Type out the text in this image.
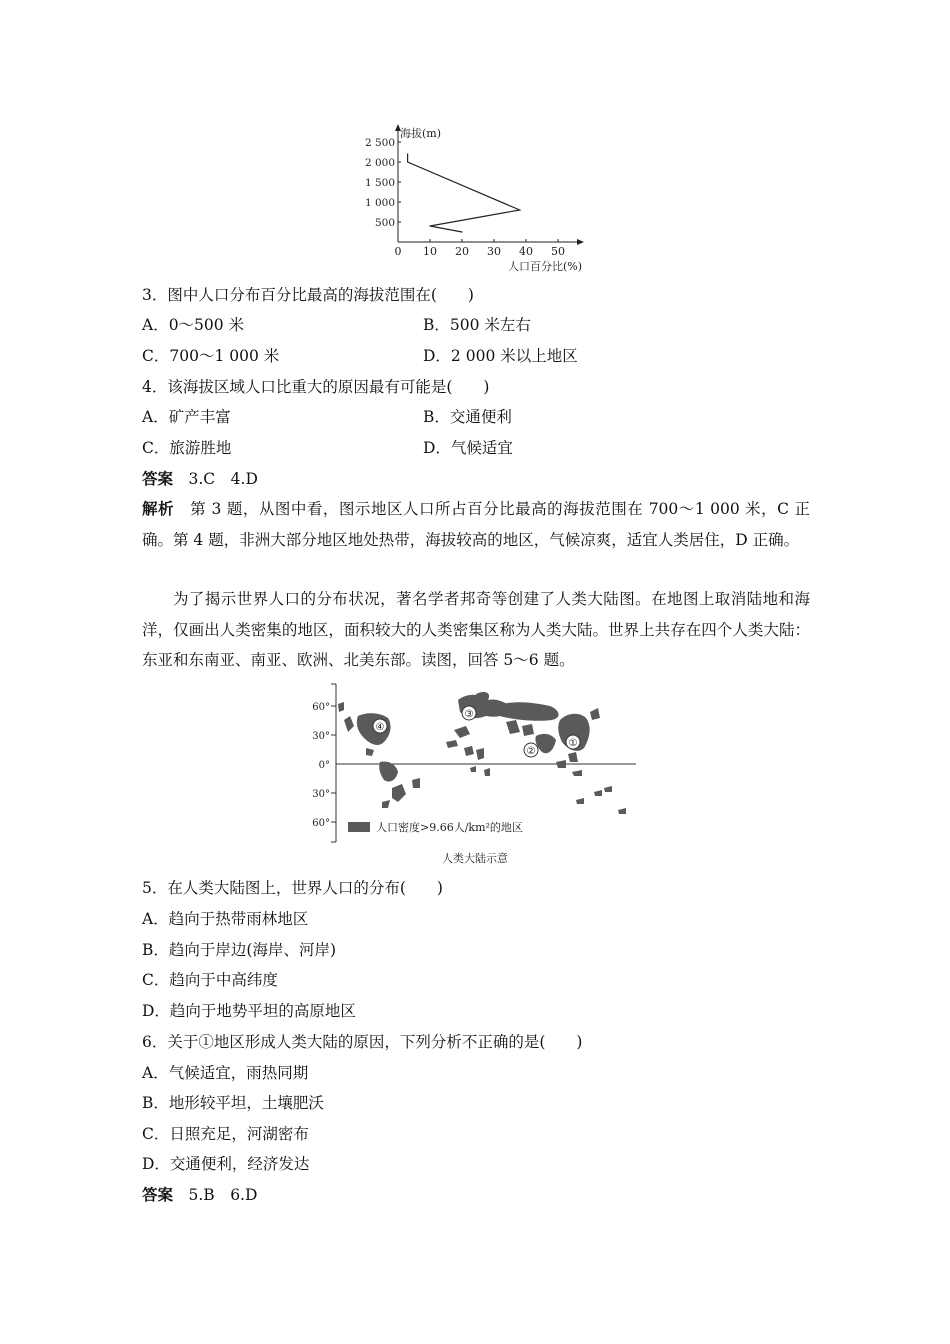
0 10 20 30 40 50
500
1 000
1 500
2 000
2 500
海拔(m)
人口百分比(%)
3．图中人口分布百分比最高的海拔范围在(　　)
A．0～500 米	B．500 米左右
C．700～1 000 米	D．2 000 米以上地区
4．该海拔区域人口比重大的原因最有可能是(　　)
A．矿产丰富	B．交通便利
C．旅游胜地	D．气候适宜
答案　3.C　4.D
解析　第 3 题，从图中看，图示地区人口所占百分比最高的海拔范围在 700～1 000 米，C 正确。第 4 题，非洲大部分地区地处热带，海拔较高的地区，气候凉爽，适宜人类居住，D 正确。
为了揭示世界人口的分布状况，著名学者邦奇等创建了人类大陆图。在地图上取消陆地和海洋，仅画出人类密集的地区，面积较大的人类密集区称为人类大陆。世界上共存在四个人类大陆：东亚和东南亚、南亚、欧洲、北美东部。读图，回答 5～6 题。
60°
30°
0°
30°
60°
④
③
②
①
人口密度>9.66人/km²的地区
人类大陆示意
5．在人类大陆图上，世界人口的分布(　　)
A．趋向于热带雨林地区
B．趋向于岸边(海岸、河岸)
C．趋向于中高纬度
D．趋向于地势平坦的高原地区
6．关于①地区形成人类大陆的原因，下列分析不正确的是(　　)
A．气候适宜，雨热同期
B．地形较平坦，土壤肥沃
C．日照充足，河湖密布
D．交通便利，经济发达
答案　5.B　6.D
